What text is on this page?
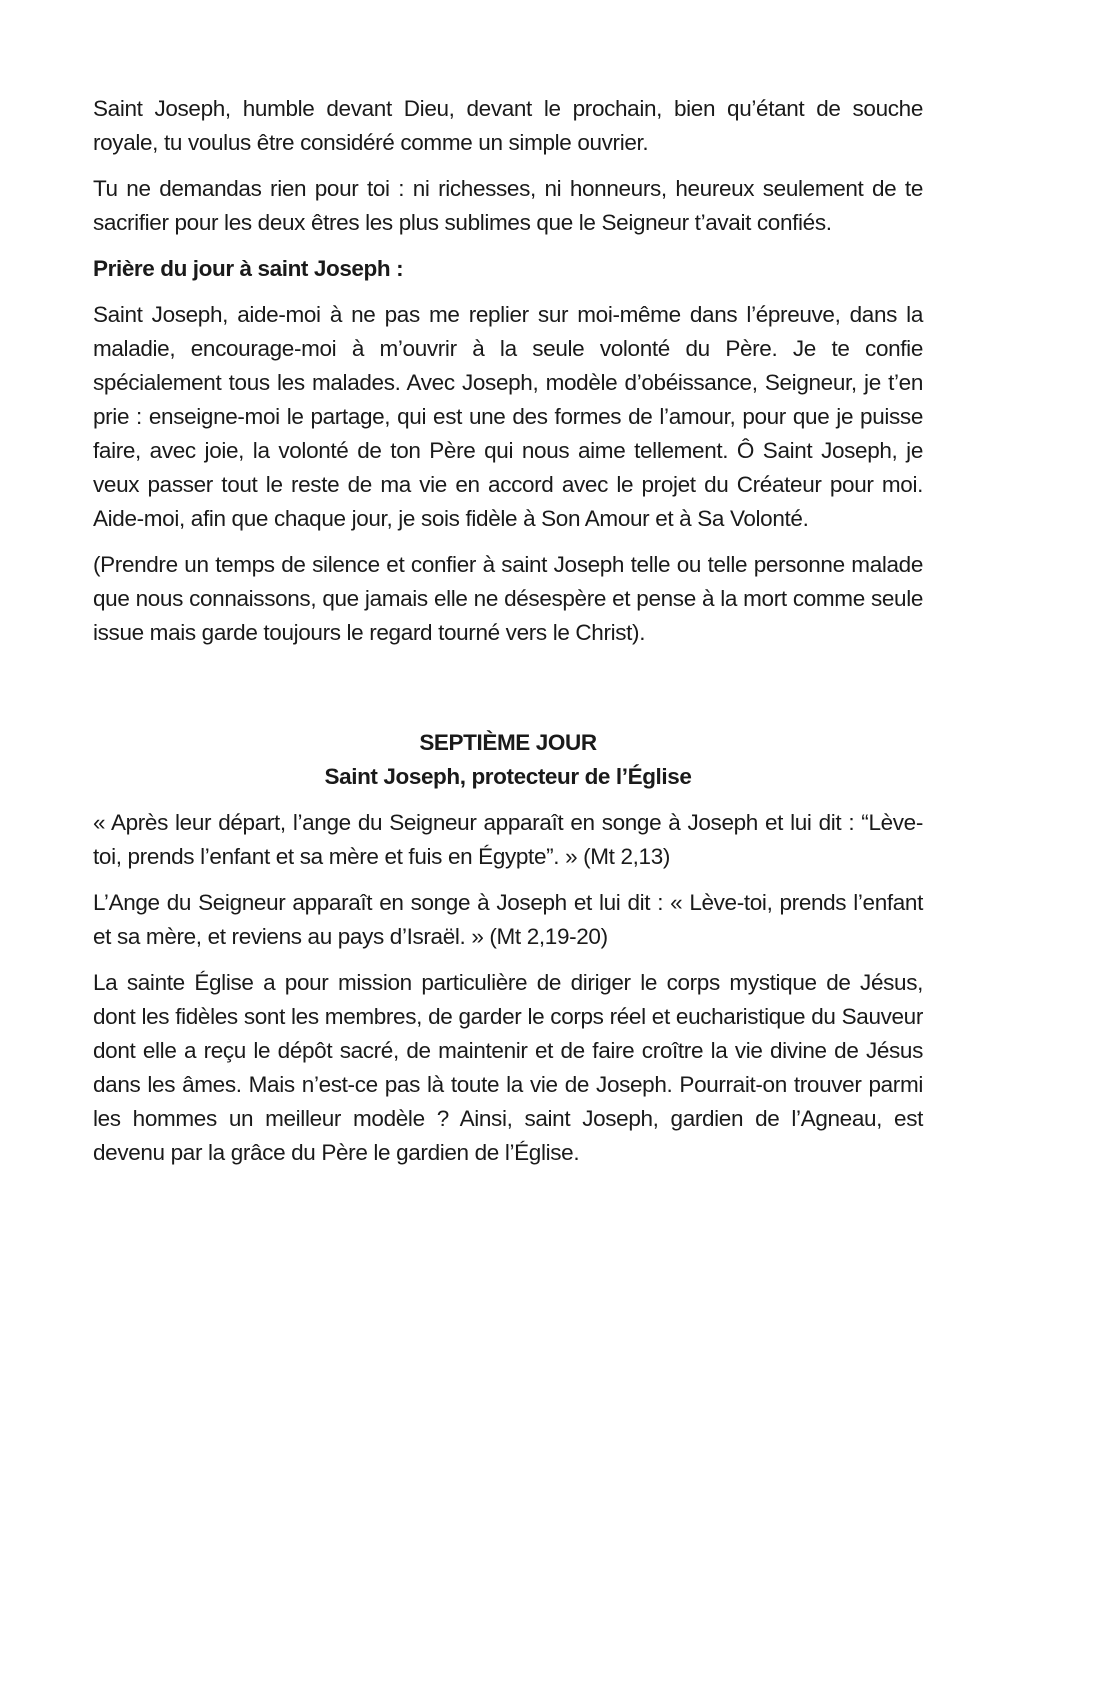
Saint Joseph, humble devant Dieu, devant le prochain, bien qu’étant de souche royale, tu voulus être considéré comme un simple ouvrier.

Tu ne demandas rien pour toi : ni richesses, ni honneurs, heureux seulement de te sacrifier pour les deux êtres les plus sublimes que le Seigneur t’avait confiés.

Prière du jour à saint Joseph :

Saint Joseph, aide-moi à ne pas me replier sur moi-même dans l’épreuve, dans la maladie, encourage-moi à m’ouvrir à la seule volonté du Père. Je te confie spécialement tous les malades. Avec Joseph, modèle d’obéissance, Seigneur, je t’en prie : enseigne-moi le partage, qui est une des formes de l’amour, pour que je puisse faire, avec joie, la volonté de ton Père qui nous aime tellement. Ô Saint Joseph, je veux passer tout le reste de ma vie en accord avec le projet du Créateur pour moi. Aide-moi, afin que chaque jour, je sois fidèle à Son Amour et à Sa Volonté.

(Prendre un temps de silence et confier à saint Joseph telle ou telle personne malade que nous connaissons, que jamais elle ne désespère et pense à la mort comme seule issue mais garde toujours le regard tourné vers le Christ).

SEPTIÈME JOUR

Saint Joseph, protecteur de l’Église

« Après leur départ, l’ange du Seigneur apparaît en songe à Joseph et lui dit : “Lève-toi, prends l’enfant et sa mère et fuis en Égypte”. » (Mt 2,13)

L’Ange du Seigneur apparaît en songe à Joseph et lui dit : « Lève-toi, prends l’enfant et sa mère, et reviens au pays d’Israël. » (Mt 2,19-20)

La sainte Église a pour mission particulière de diriger le corps mystique de Jésus, dont les fidèles sont les membres, de garder le corps réel et eucharistique du Sauveur dont elle a reçu le dépôt sacré, de maintenir et de faire croître la vie divine de Jésus dans les âmes. Mais n’est-ce pas là toute la vie de Joseph. Pourrait-on trouver parmi les hommes un meilleur modèle ? Ainsi, saint Joseph, gardien de l’Agneau, est devenu par la grâce du Père le gardien de l’Église.
